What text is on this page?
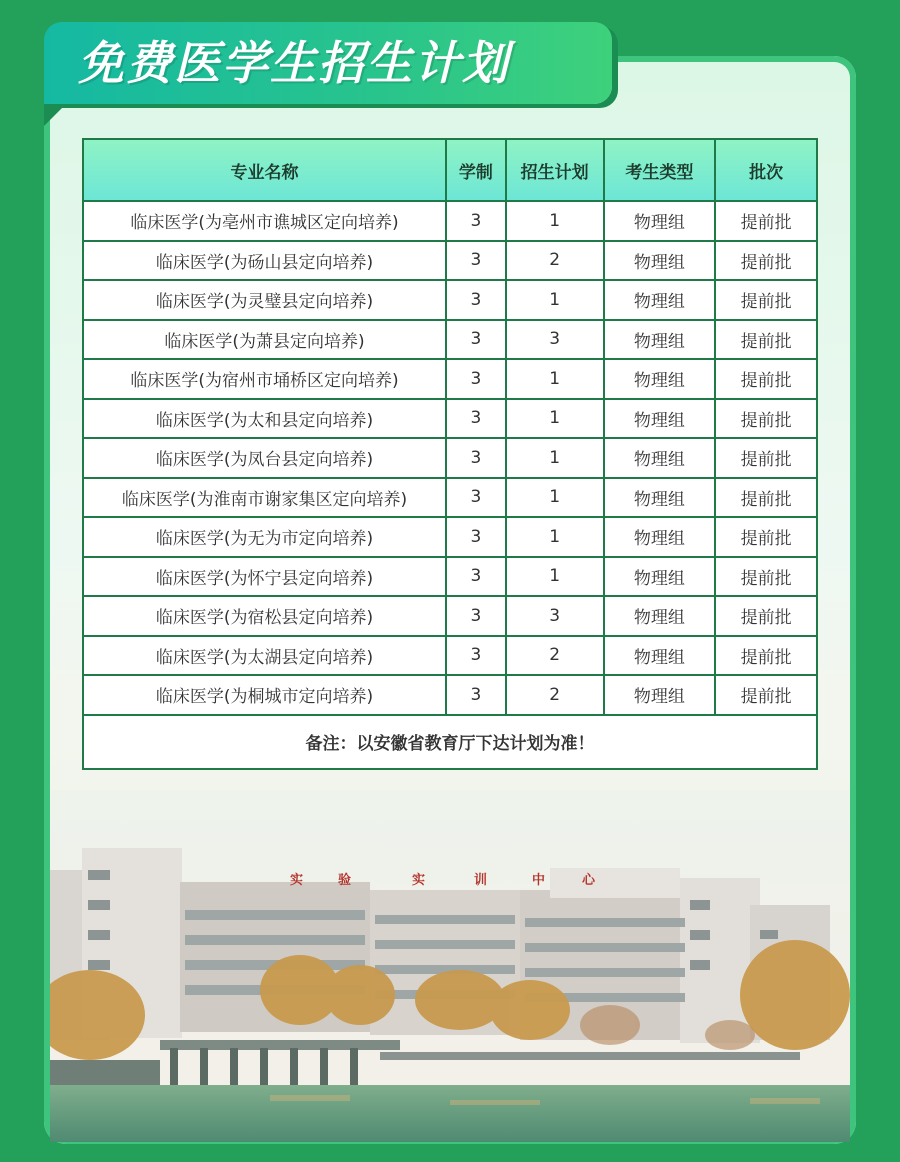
免费医学生招生计划
专业名称	学制	招生计划	考生类型	批次
临床医学(为亳州市谯城区定向培养)	3	1	物理组	提前批
临床医学(为砀山县定向培养)	3	2	物理组	提前批
临床医学(为灵璧县定向培养)	3	1	物理组	提前批
临床医学(为萧县定向培养)	3	3	物理组	提前批
临床医学(为宿州市埇桥区定向培养)	3	1	物理组	提前批
临床医学(为太和县定向培养)	3	1	物理组	提前批
临床医学(为凤台县定向培养)	3	1	物理组	提前批
临床医学(为淮南市谢家集区定向培养)	3	1	物理组	提前批
临床医学(为无为市定向培养)	3	1	物理组	提前批
临床医学(为怀宁县定向培养)	3	1	物理组	提前批
临床医学(为宿松县定向培养)	3	3	物理组	提前批
临床医学(为太湖县定向培养)	3	2	物理组	提前批
临床医学(为桐城市定向培养)	3	2	物理组	提前批
备注：以安徽省教育厅下达计划为准！				
实	验	实	训	中	心
